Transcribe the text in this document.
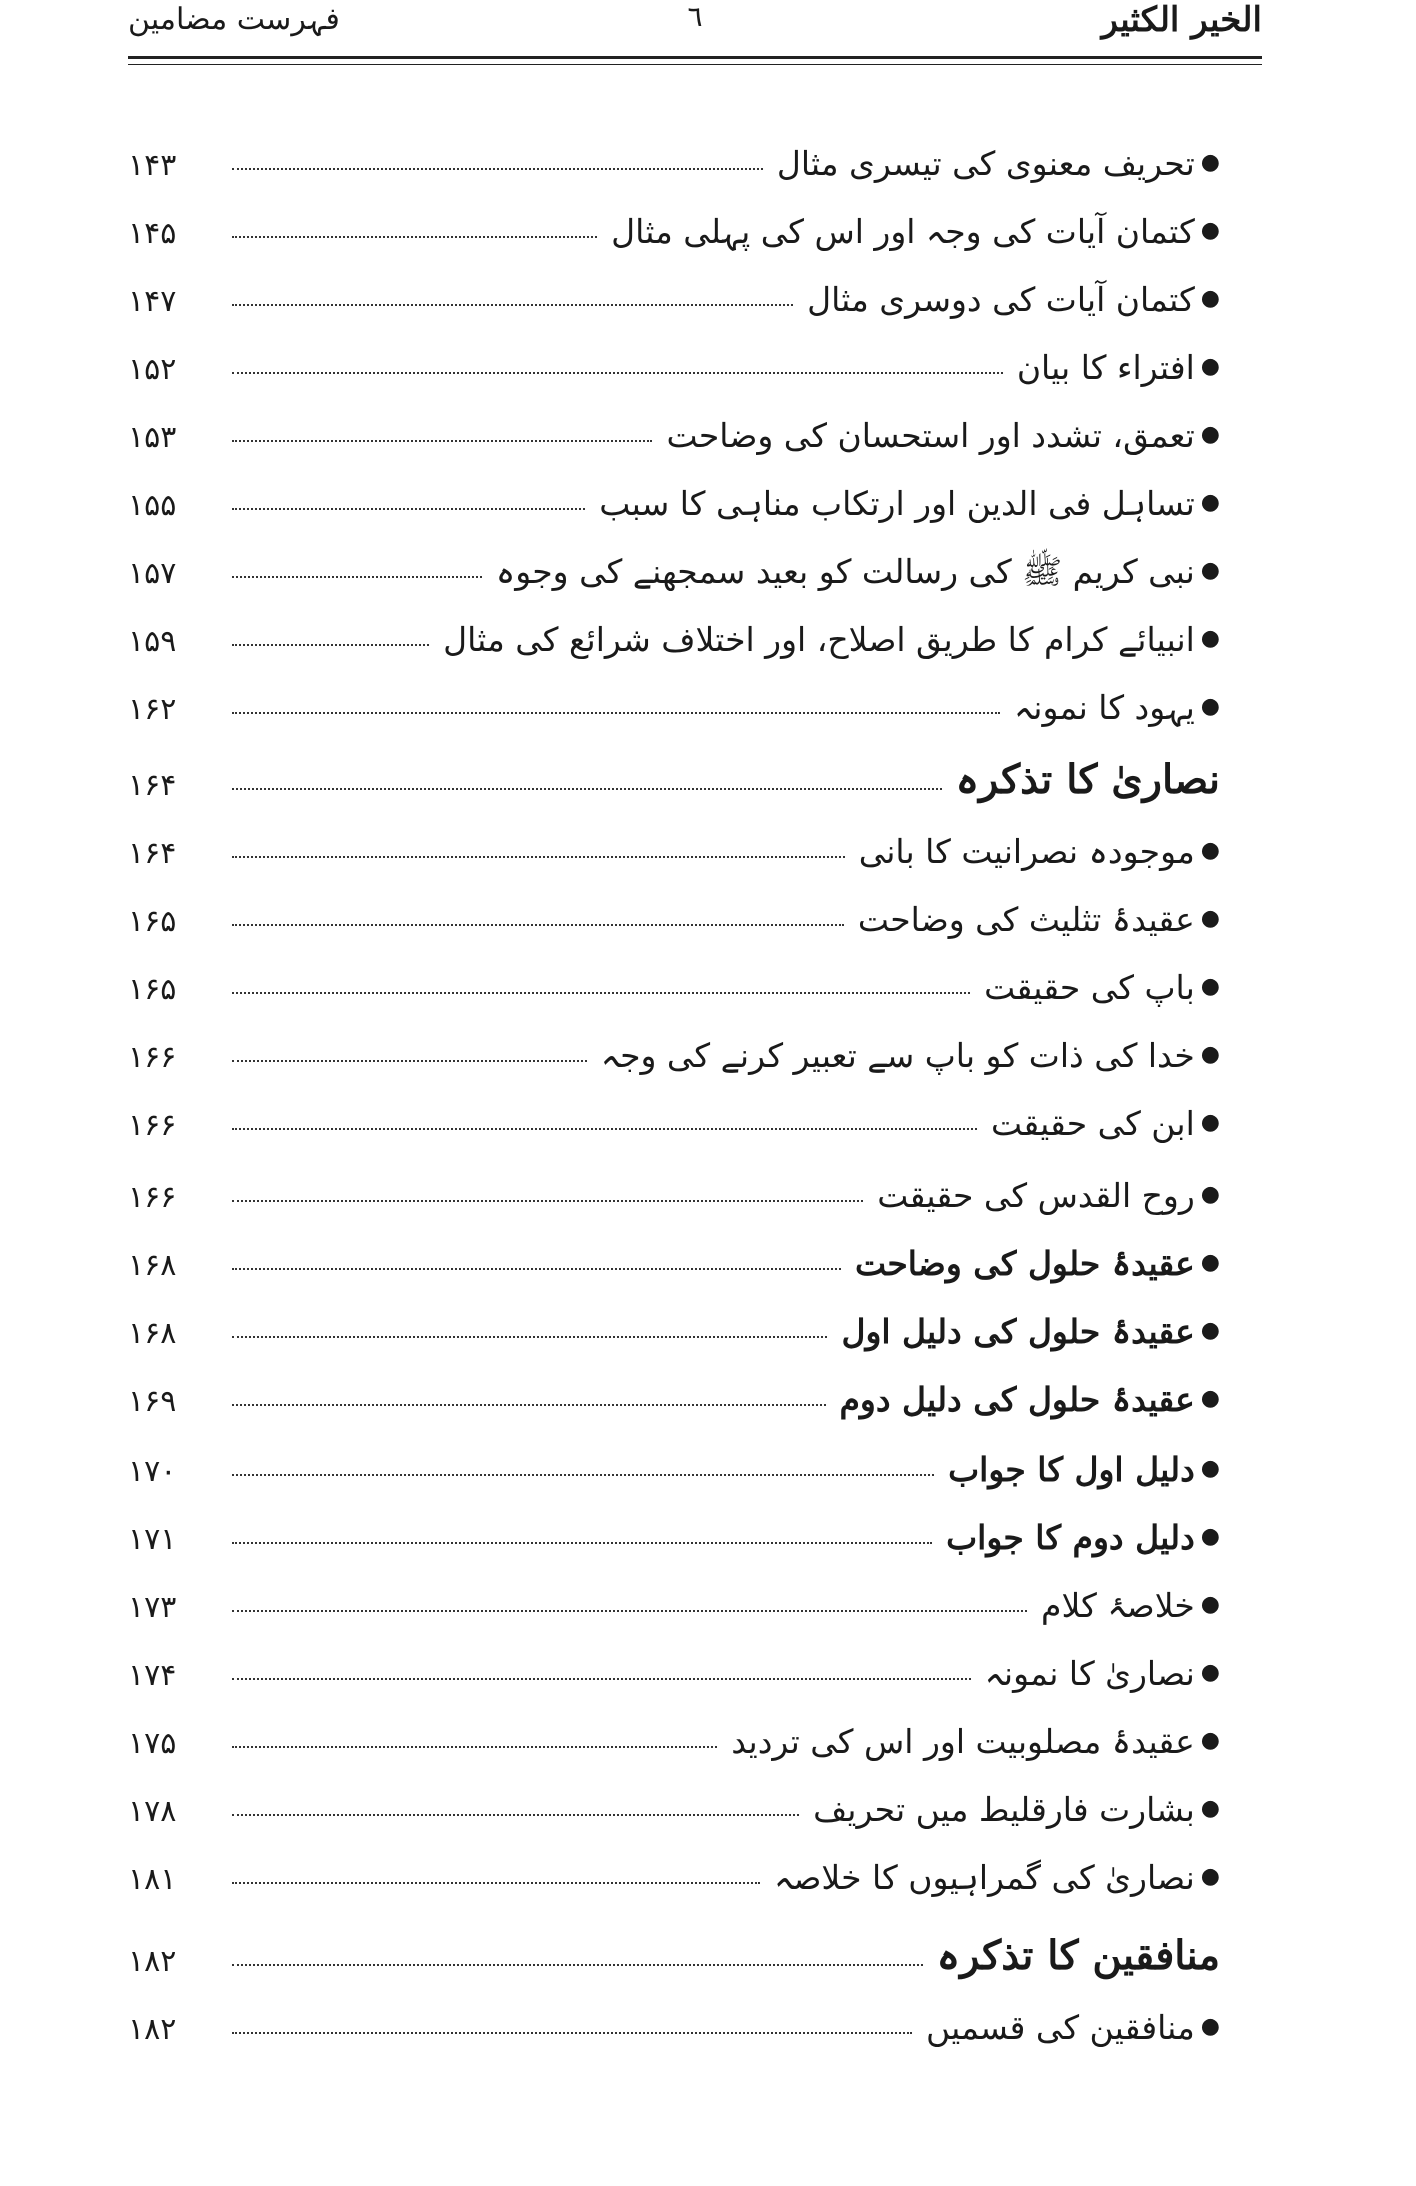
الخیر الکثیر
٦
فہرست مضامین
●
تحریف معنوی کی تیسری مثال
۱۴۳
●
کتمان آیات کی وجہ اور اس کی پہلی مثال
۱۴۵
●
کتمان آیات کی دوسری مثال
۱۴۷
●
افتراء کا بیان
۱۵۲
●
تعمق، تشدد اور استحسان کی وضاحت
۱۵۳
●
تساہل فی الدین اور ارتکاب مناہی کا سبب
۱۵۵
●
نبی کریم ﷺ کی رسالت کو بعید سمجھنے کی وجوہ
۱۵۷
●
انبیائے کرام کا طریق اصلاح، اور اختلاف شرائع کی مثال
۱۵۹
●
یہود کا نمونہ
۱۶۲
نصاریٰ کا تذکرہ
۱۶۴
●
موجودہ نصرانیت کا بانی
۱۶۴
●
عقیدۂ تثلیث کی وضاحت
۱۶۵
●
باپ کی حقیقت
۱۶۵
●
خدا کی ذات کو باپ سے تعبیر کرنے کی وجہ
۱۶۶
●
ابن کی حقیقت
۱۶۶
●
روح القدس کی حقیقت
۱۶۶
●
عقیدۂ حلول کی وضاحت
۱۶۸
●
عقیدۂ حلول کی دلیل اول
۱۶۸
●
عقیدۂ حلول کی دلیل دوم
۱۶۹
●
دلیل اول کا جواب
۱۷۰
●
دلیل دوم کا جواب
۱۷۱
●
خلاصۂ کلام
۱۷۳
●
نصاریٰ کا نمونہ
۱۷۴
●
عقیدۂ مصلوبیت اور اس کی تردید
۱۷۵
●
بشارت فارقلیط میں تحریف
۱۷۸
●
نصاریٰ کی گمراہیوں کا خلاصہ
۱۸۱
منافقین کا تذکرہ
۱۸۲
●
منافقین کی قسمیں
۱۸۲
